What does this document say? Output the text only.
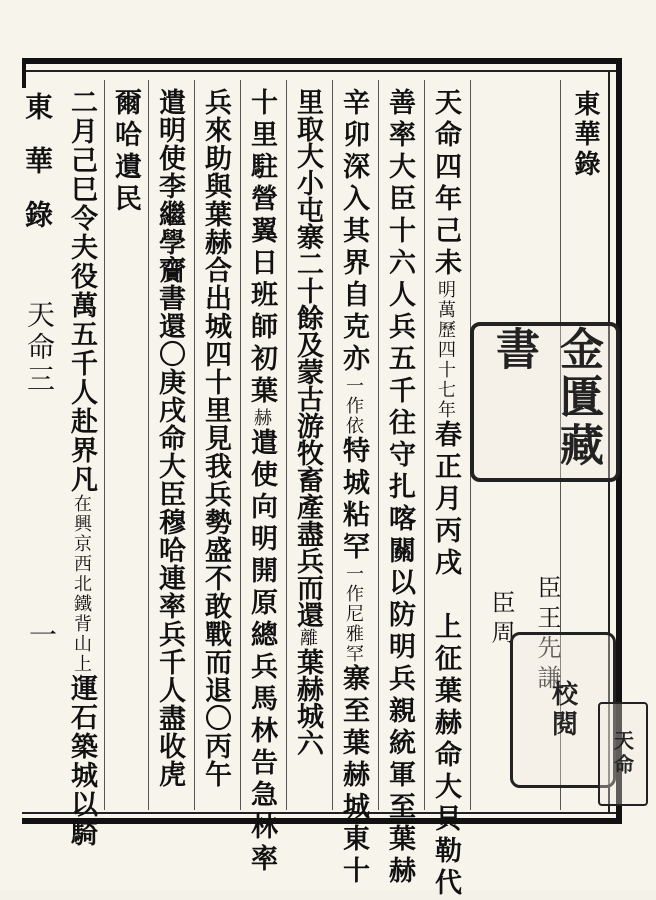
東華錄
臣王先謙
臣周
天命四年己未明萬歷四十七年春正月丙戌　上征葉赫命大貝勒代
善率大臣十六人兵五千往守扎喀關以防明兵親統軍至葉赫
辛卯深入其界自克亦一作依特城粘罕一作尼雅罕寨至葉赫城東十
里取大小屯寨二十餘及蒙古游牧畜產盡兵而還離葉赫城六
十里駐營翼日班師初葉赫遣使向明開原總兵馬林告急林率
兵來助與葉赫合出城四十里見我兵勢盛不敢戰而退〇丙午
遣明使李繼學齎書還〇庚戌命大臣穆哈連率兵千人盡收虎
爾哈遺民
二月己巳令夫役萬五千人赴界凡在興京西北鐵背山上運石築城以騎
東華錄
天命三
一
金匱藏書
校閱
天命
